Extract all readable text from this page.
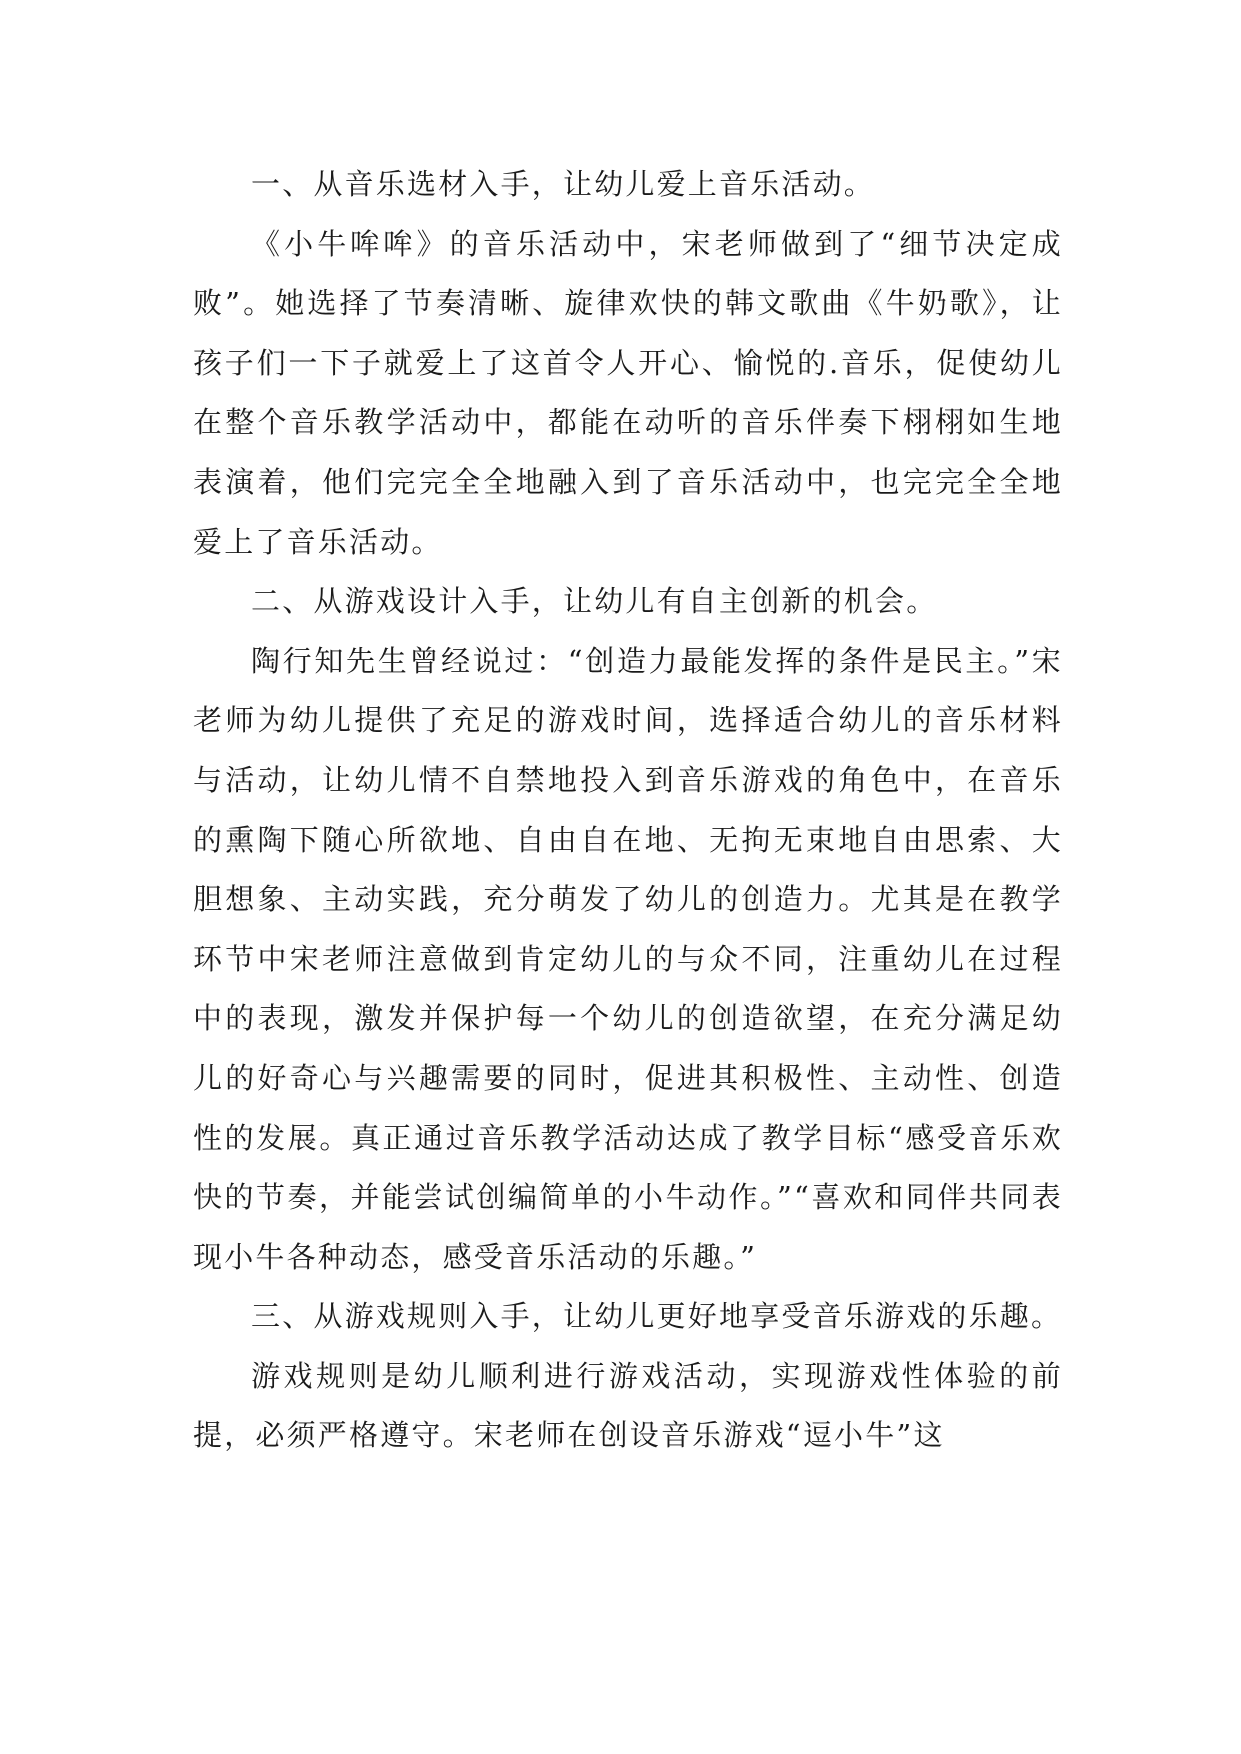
一、从音乐选材入手，让幼儿爱上音乐活动。

《小牛哞哞》的音乐活动中，宋老师做到了“细节决定成败”。她选择了节奏清晰、旋律欢快的韩文歌曲《牛奶歌》，让孩子们一下子就爱上了这首令人开心、愉悦的.音乐，促使幼儿在整个音乐教学活动中，都能在动听的音乐伴奏下栩栩如生地表演着，他们完完全全地融入到了音乐活动中，也完完全全地爱上了音乐活动。

二、从游戏设计入手，让幼儿有自主创新的机会。

陶行知先生曾经说过：“创造力最能发挥的条件是民主。”宋老师为幼儿提供了充足的游戏时间，选择适合幼儿的音乐材料与活动，让幼儿情不自禁地投入到音乐游戏的角色中，在音乐的熏陶下随心所欲地、自由自在地、无拘无束地自由思索、大胆想象、主动实践，充分萌发了幼儿的创造力。尤其是在教学环节中宋老师注意做到肯定幼儿的与众不同，注重幼儿在过程中的表现，激发并保护每一个幼儿的创造欲望，在充分满足幼儿的好奇心与兴趣需要的同时，促进其积极性、主动性、创造性的发展。真正通过音乐教学活动达成了教学目标“感受音乐欢快的节奏，并能尝试创编简单的小牛动作。”“喜欢和同伴共同表现小牛各种动态，感受音乐活动的乐趣。”

三、从游戏规则入手，让幼儿更好地享受音乐游戏的乐趣。

游戏规则是幼儿顺利进行游戏活动，实现游戏性体验的前提，必须严格遵守。宋老师在创设音乐游戏“逗小牛”这
